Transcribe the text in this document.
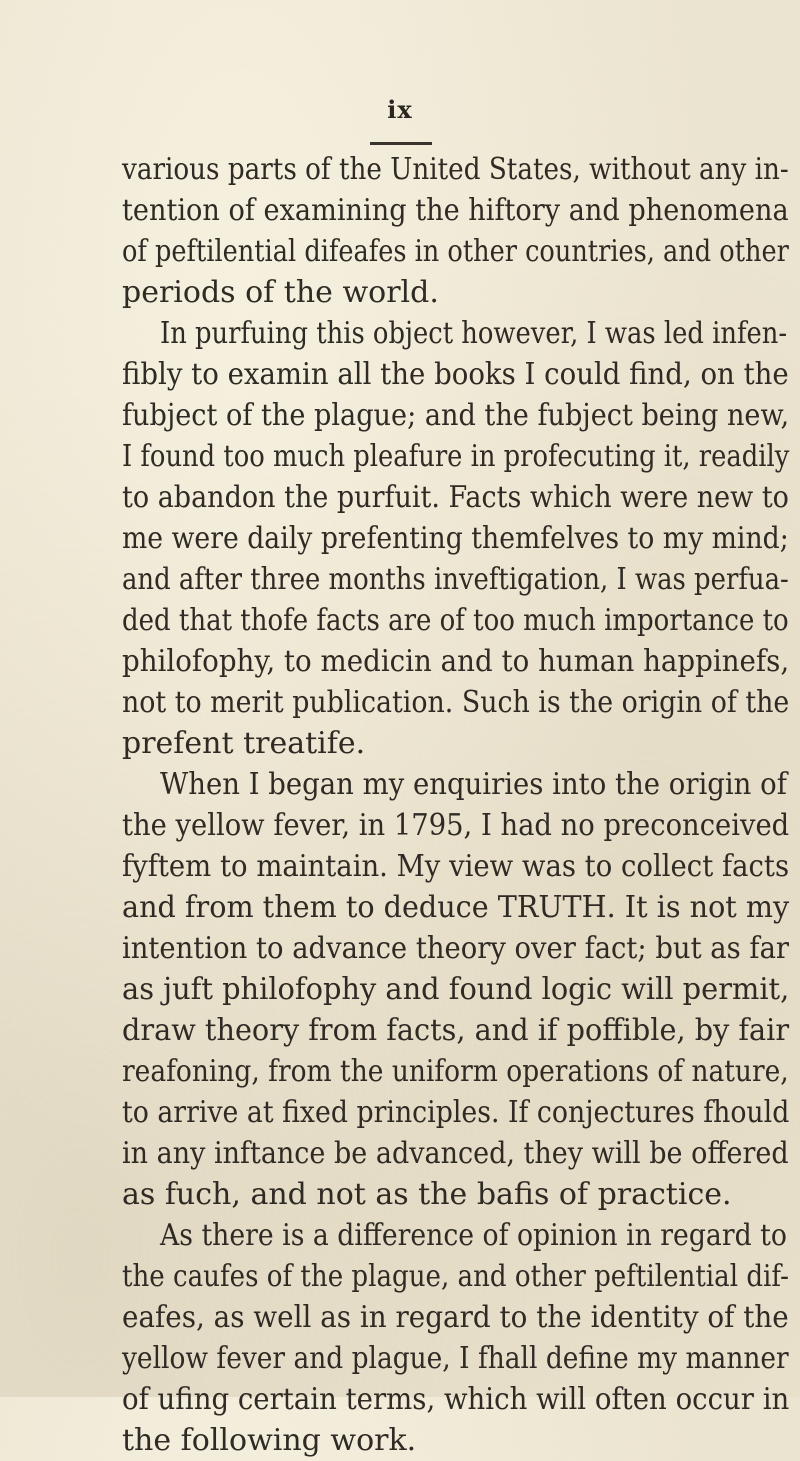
ix
various parts of the United States, without any in-
tention of examining the hiftory and phenomena
of peftilential difeafes in other countries, and other
periods of the world.
In purfuing this object however, I was led infen-
fibly to examin all the books I could find, on the
fubject of the plague; and the fubject being new,
I found too much pleafure in profecuting it, readily
to abandon the purfuit. Facts which were new to
me were daily prefenting themfelves to my mind;
and after three months inveftigation, I was perfua-
ded that thofe facts are of too much importance to
philofophy, to medicin and to human happinefs,
not to merit publication. Such is the origin of the
prefent treatife.
When I began my enquiries into the origin of
the yellow fever, in 1795, I had no preconceived
fyftem to maintain. My view was to collect facts
and from them to deduce TRUTH. It is not my
intention to advance theory over fact; but as far
as juft philofophy and found logic will permit,
draw theory from facts, and if poffible, by fair
reafoning, from the uniform operations of nature,
to arrive at fixed principles. If conjectures fhould
in any inftance be advanced, they will be offered
as fuch, and not as the bafis of practice.
As there is a difference of opinion in regard to
the caufes of the plague, and other peftilential dif-
eafes, as well as in regard to the identity of the
yellow fever and plague, I fhall define my manner
of ufing certain terms, which will often occur in
the following work.
